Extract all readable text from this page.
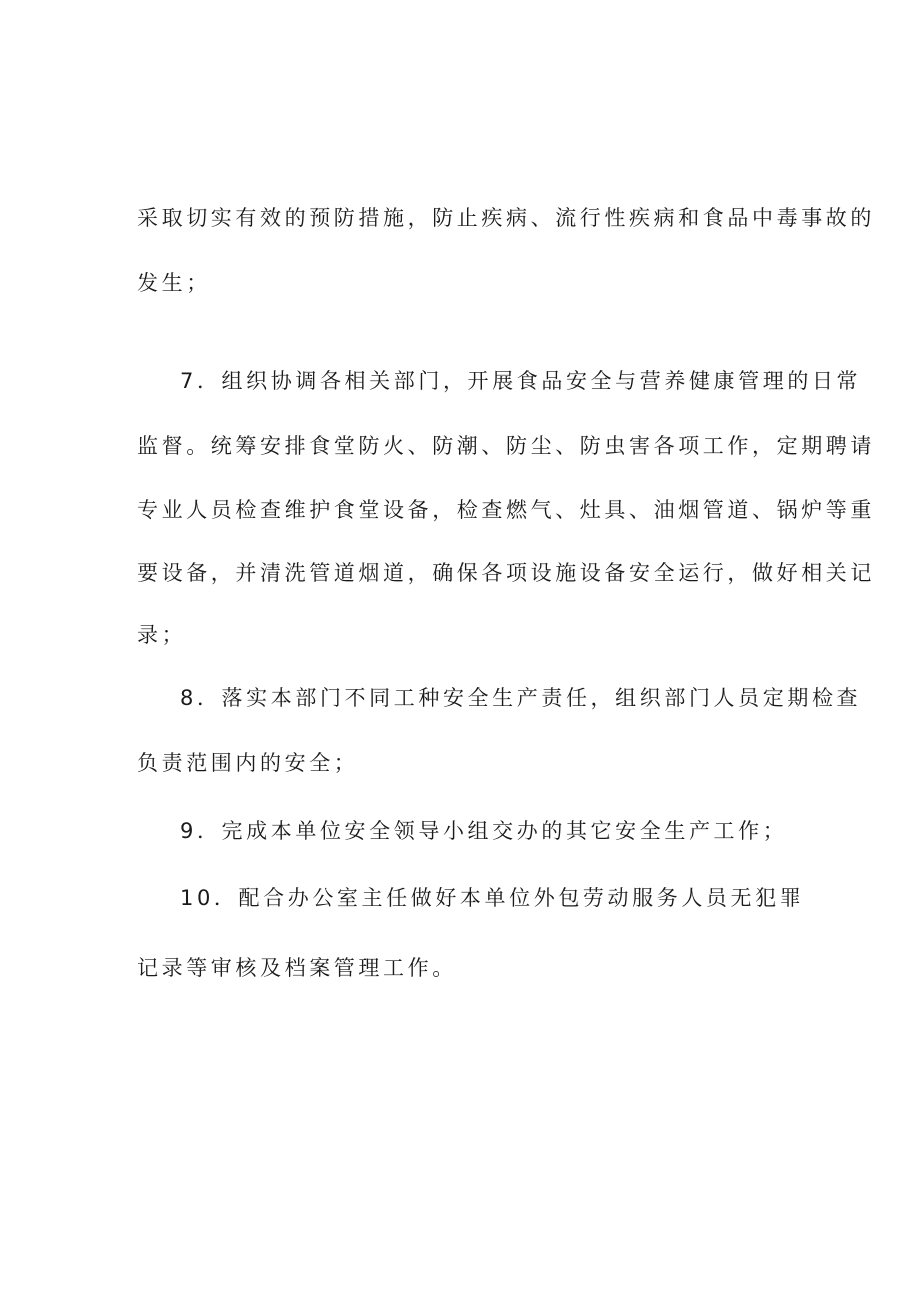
采取切实有效的预防措施，防止疾病、流行性疾病和食品中毒事故的
发生；
7．组织协调各相关部门，开展食品安全与营养健康管理的日常
监督。统筹安排食堂防火、防潮、防尘、防虫害各项工作，定期聘请
专业人员检查维护食堂设备，检查燃气、灶具、油烟管道、锅炉等重
要设备，并清洗管道烟道，确保各项设施设备安全运行，做好相关记
录；
8．落实本部门不同工种安全生产责任，组织部门人员定期检查
负责范围内的安全；
9．完成本单位安全领导小组交办的其它安全生产工作；
10．配合办公室主任做好本单位外包劳动服务人员无犯罪
记录等审核及档案管理工作。
